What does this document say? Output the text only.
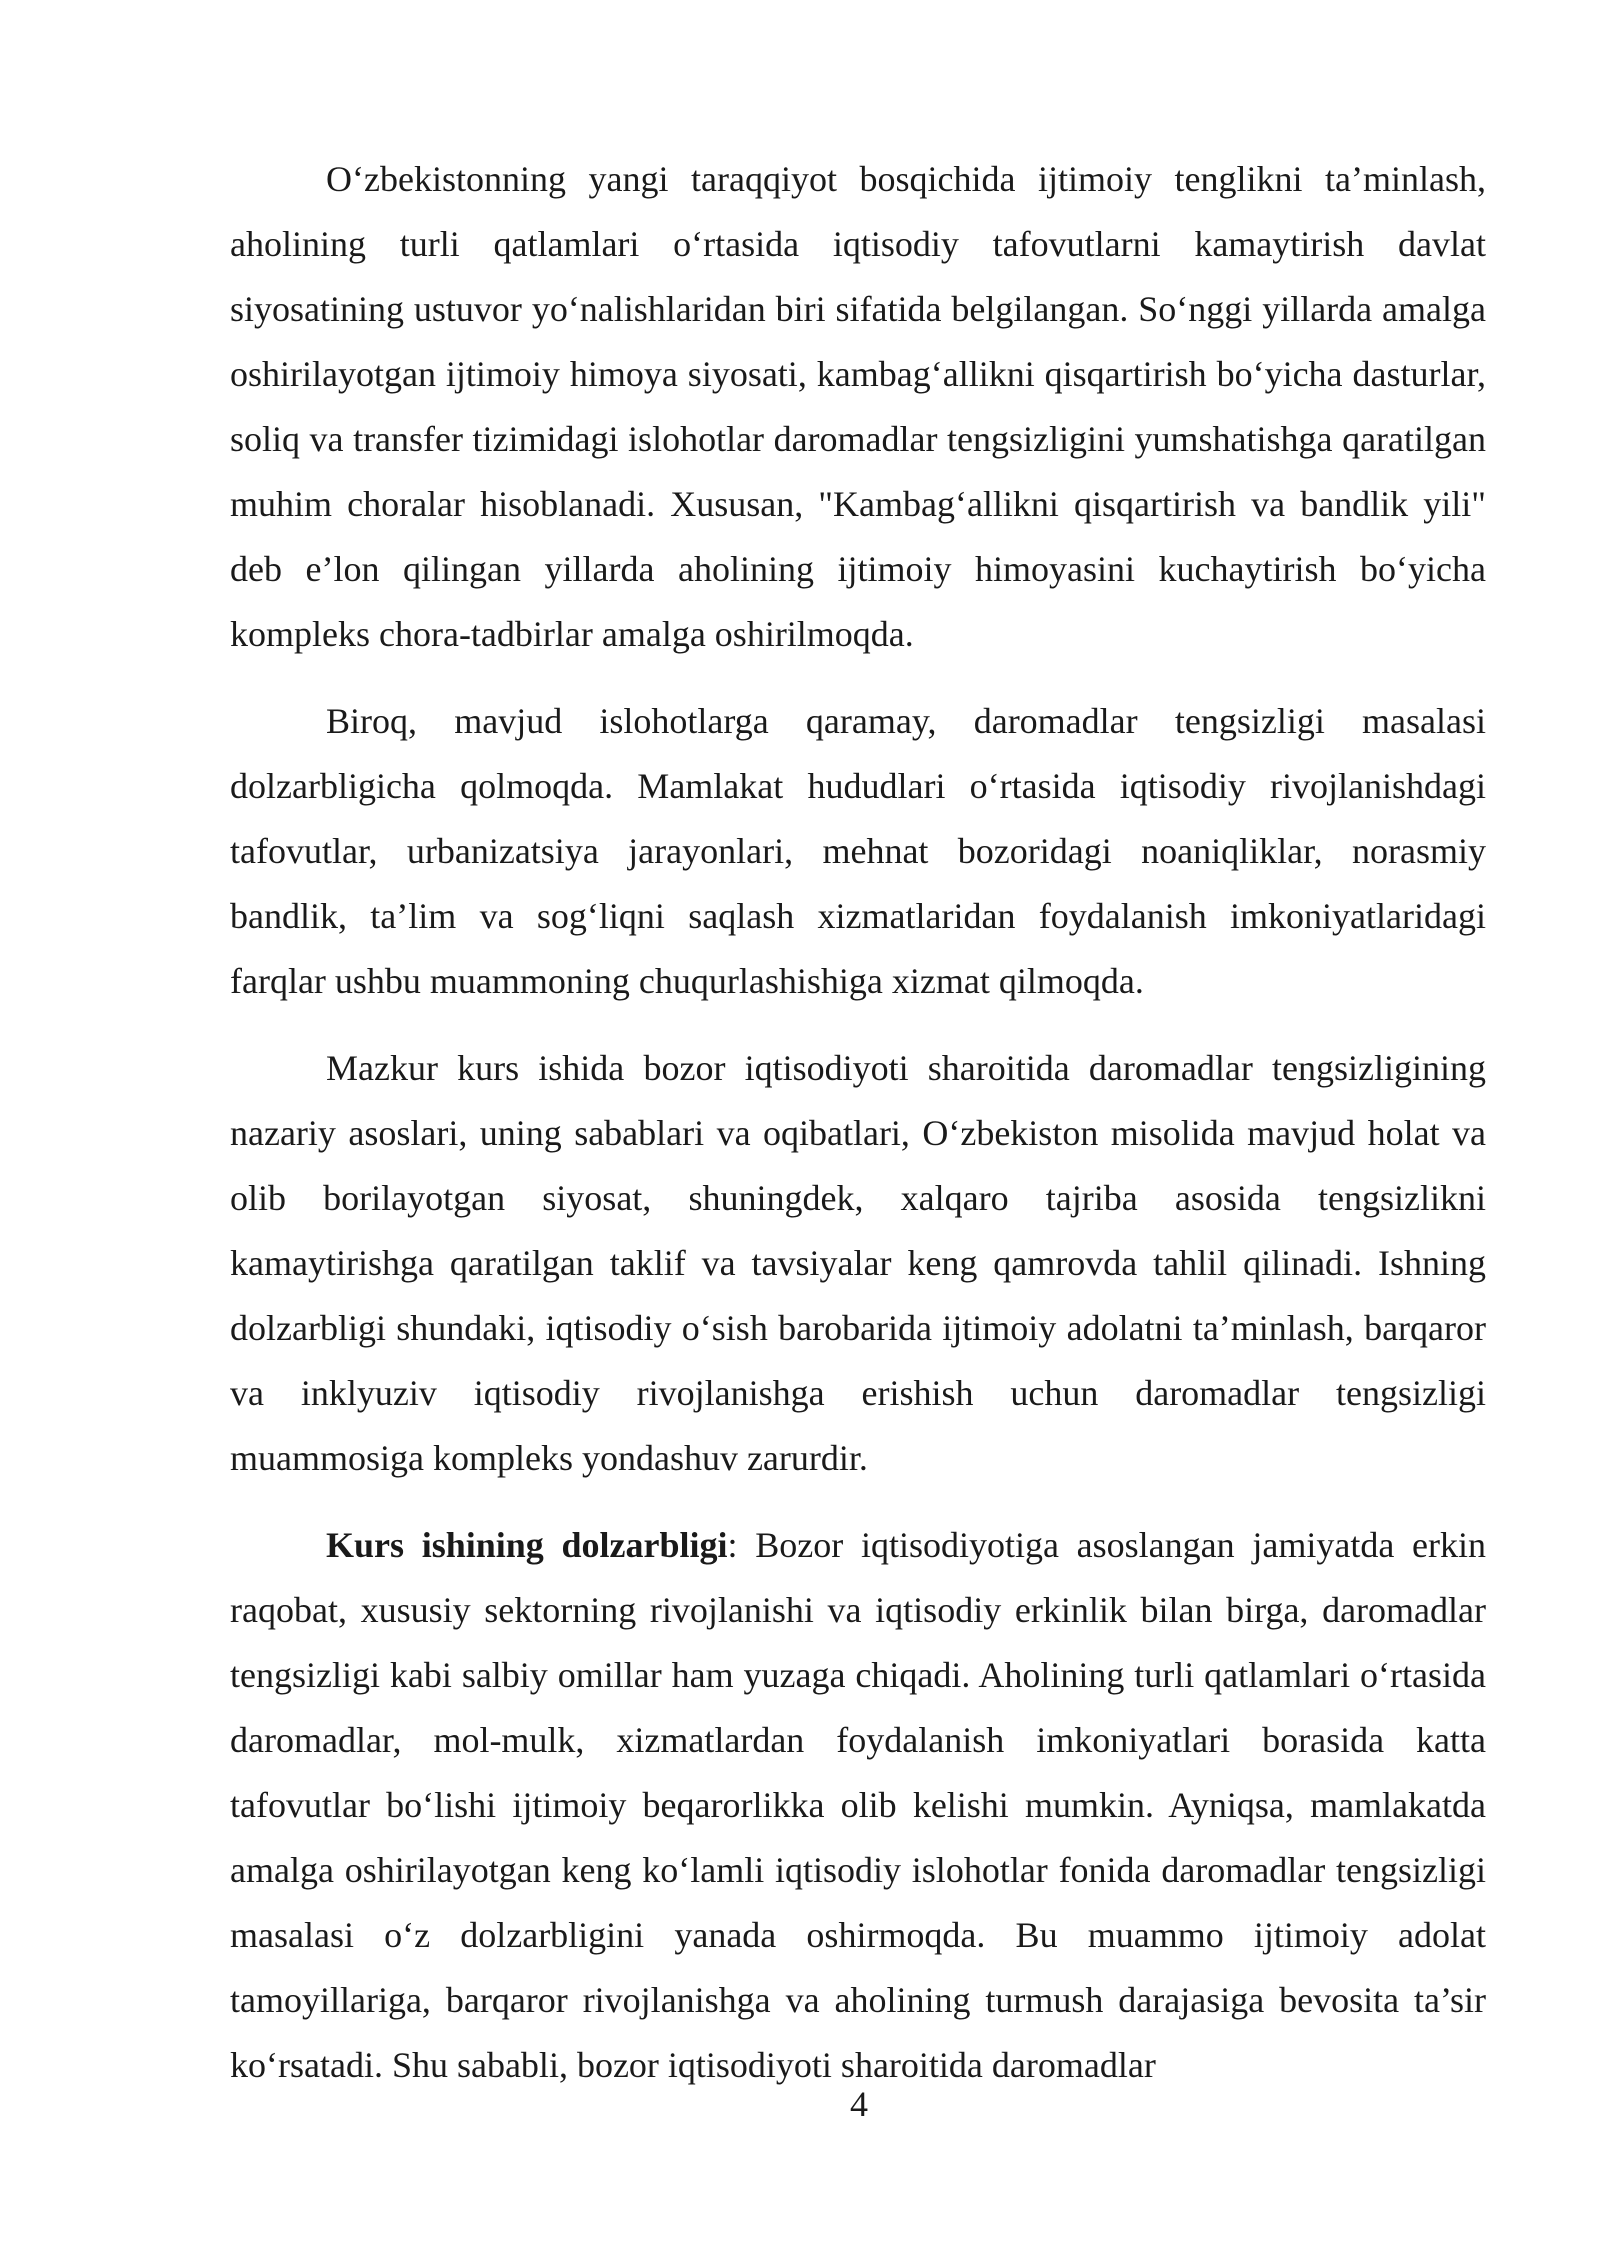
O‘zbekistonning yangi taraqqiyot bosqichida ijtimoiy tenglikni ta’minlash, aholining turli qatlamlari o‘rtasida iqtisodiy tafovutlarni kamaytirish davlat siyosatining ustuvor yo‘nalishlaridan biri sifatida belgilangan. So‘nggi yillarda amalga oshirilayotgan ijtimoiy himoya siyosati, kambag‘allikni qisqartirish bo‘yicha dasturlar, soliq va transfer tizimidagi islohotlar daromadlar tengsizligini yumshatishga qaratilgan muhim choralar hisoblanadi. Xususan, "Kambag‘allikni qisqartirish va bandlik yili" deb e’lon qilingan yillarda aholining ijtimoiy himoyasini kuchaytirish bo‘yicha kompleks chora-tadbirlar amalga oshirilmoqda.

Biroq, mavjud islohotlarga qaramay, daromadlar tengsizligi masalasi dolzarbligicha qolmoqda. Mamlakat hududlari o‘rtasida iqtisodiy rivojlanishdagi tafovutlar, urbanizatsiya jarayonlari, mehnat bozoridagi noaniqliklar, norasmiy bandlik, ta’lim va sog‘liqni saqlash xizmatlaridan foydalanish imkoniyatlaridagi farqlar ushbu muammoning chuqurlashishiga xizmat qilmoqda.

Mazkur kurs ishida bozor iqtisodiyoti sharoitida daromadlar tengsizligining nazariy asoslari, uning sabablari va oqibatlari, O‘zbekiston misolida mavjud holat va olib borilayotgan siyosat, shuningdek, xalqaro tajriba asosida tengsizlikni kamaytirishga qaratilgan taklif va tavsiyalar keng qamrovda tahlil qilinadi. Ishning dolzarbligi shundaki, iqtisodiy o‘sish barobarida ijtimoiy adolatni ta’minlash, barqaror va inklyuziv iqtisodiy rivojlanishga erishish uchun daromadlar tengsizligi muammosiga kompleks yondashuv zarurdir.

Kurs ishining dolzarbligi: Bozor iqtisodiyotiga asoslangan jamiyatda erkin raqobat, xususiy sektorning rivojlanishi va iqtisodiy erkinlik bilan birga, daromadlar tengsizligi kabi salbiy omillar ham yuzaga chiqadi. Aholining turli qatlamlari o‘rtasida daromadlar, mol-mulk, xizmatlardan foydalanish imkoniyatlari borasida katta tafovutlar bo‘lishi ijtimoiy beqarorlikka olib kelishi mumkin. Ayniqsa, mamlakatda amalga oshirilayotgan keng ko‘lamli iqtisodiy islohotlar fonida daromadlar tengsizligi masalasi o‘z dolzarbligini yanada oshirmoqda. Bu muammo ijtimoiy adolat tamoyillariga, barqaror rivojlanishga va aholining turmush darajasiga bevosita ta’sir ko‘rsatadi. Shu sababli, bozor iqtisodiyoti sharoitida daromadlar

4
